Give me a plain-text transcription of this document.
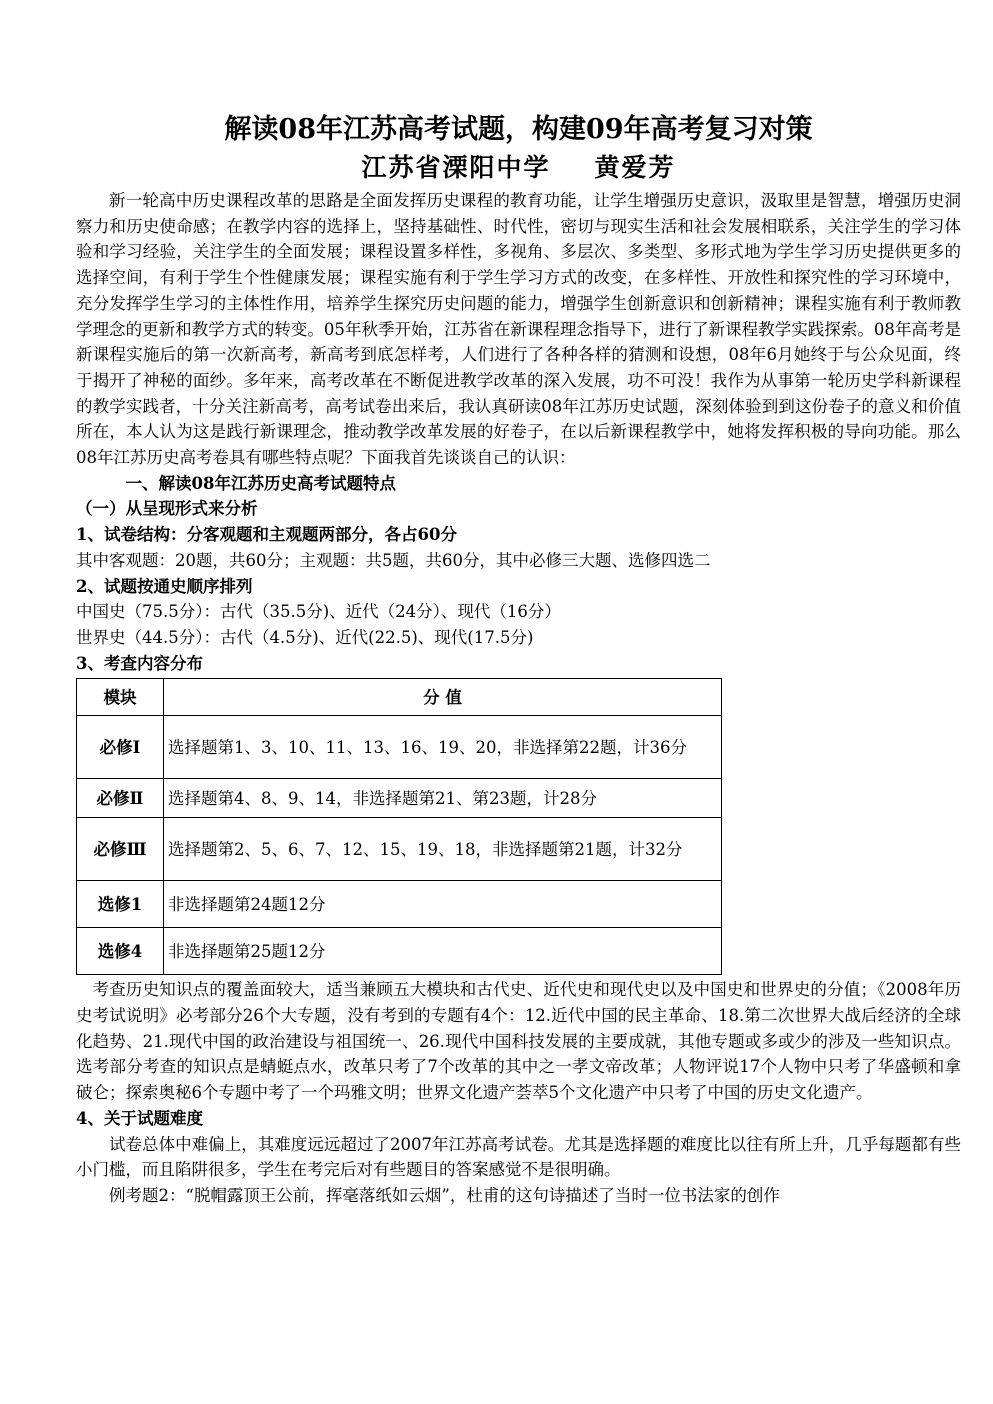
解读08年江苏高考试题，构建09年高考复习对策
江苏省溧阳中学 黄爱芳

新一轮高中历史课程改革的思路是全面发挥历史课程的教育功能，让学生增强历史意识，汲取里是智慧，增强历史洞察力和历史使命感；在教学内容的选择上，坚持基础性、时代性，密切与现实生活和社会发展相联系，关注学生的学习体验和学习经验，关注学生的全面发展；课程设置多样性，多视角、多层次、多类型、多形式地为学生学习历史提供更多的选择空间，有利于学生个性健康发展；课程实施有利于学生学习方式的改变，在多样性、开放性和探究性的学习环境中，充分发挥学生学习的主体性作用，培养学生探究历史问题的能力，增强学生创新意识和创新精神；课程实施有利于教师教学理念的更新和教学方式的转变。05年秋季开始，江苏省在新课程理念指导下，进行了新课程教学实践探索。08年高考是新课程实施后的第一次新高考，新高考到底怎样考，人们进行了各种各样的猜测和设想，08年6月她终于与公众见面，终于揭开了神秘的面纱。多年来，高考改革在不断促进教学改革的深入发展，功不可没！我作为从事第一轮历史学科新课程的教学实践者，十分关注新高考，高考试卷出来后，我认真研读08年江苏历史试题，深刻体验到到这份卷子的意义和价值所在，本人认为这是践行新课理念，推动教学改革发展的好卷子，在以后新课程教学中，她将发挥积极的导向功能。那么08年江苏历史高考卷具有哪些特点呢？下面我首先谈谈自己的认识：

一、解读08年江苏历史高考试题特点

（一）从呈现形式来分析

1、试卷结构：分客观题和主观题两部分，各占60分

其中客观题：20题，共60分；主观题：共5题，共60分，其中必修三大题、选修四选二

2、试题按通史顺序排列

中国史（75.5分）：古代（35.5分)、近代（24分）、现代（16分）

世界史（44.5分）：古代（4.5分)、近代(22.5)、现代(17.5分)

3、考查内容分布

模块	分 值
必修Ⅰ	选择题第1、3、10、11、13、16、19、20，非选择第22题，计36分
必修Ⅱ	选择题第4、8、9、14，非选择题第21、第23题，计28分
必修Ⅲ	选择题第2、5、6、7、12、15、19、18，非选择题第21题，计32分
选修1	非选择题第24题12分
选修4	非选择题第25题12分

考查历史知识点的覆盖面较大，适当兼顾五大模块和古代史、近代史和现代史以及中国史和世界史的分值；《2008年历史考试说明》必考部分26个大专题，没有考到的专题有4个：12.近代中国的民主革命、18.第二次世界大战后经济的全球化趋势、21.现代中国的政治建设与祖国统一、26.现代中国科技发展的主要成就，其他专题或多或少的涉及一些知识点。选考部分考查的知识点是蜻蜓点水，改革只考了7个改革的其中之一孝文帝改革；人物评说17个人物中只考了华盛顿和拿破仑；探索奥秘6个专题中考了一个玛雅文明；世界文化遗产荟萃5个文化遗产中只考了中国的历史文化遗产。

4、关于试题难度

试卷总体中难偏上，其难度远远超过了2007年江苏高考试卷。尤其是选择题的难度比以往有所上升，几乎每题都有些小门槛，而且陷阱很多，学生在考完后对有些题目的答案感觉不是很明确。

例考题2：“脱帽露顶王公前，挥毫落纸如云烟”，杜甫的这句诗描述了当时一位书法家的创作
